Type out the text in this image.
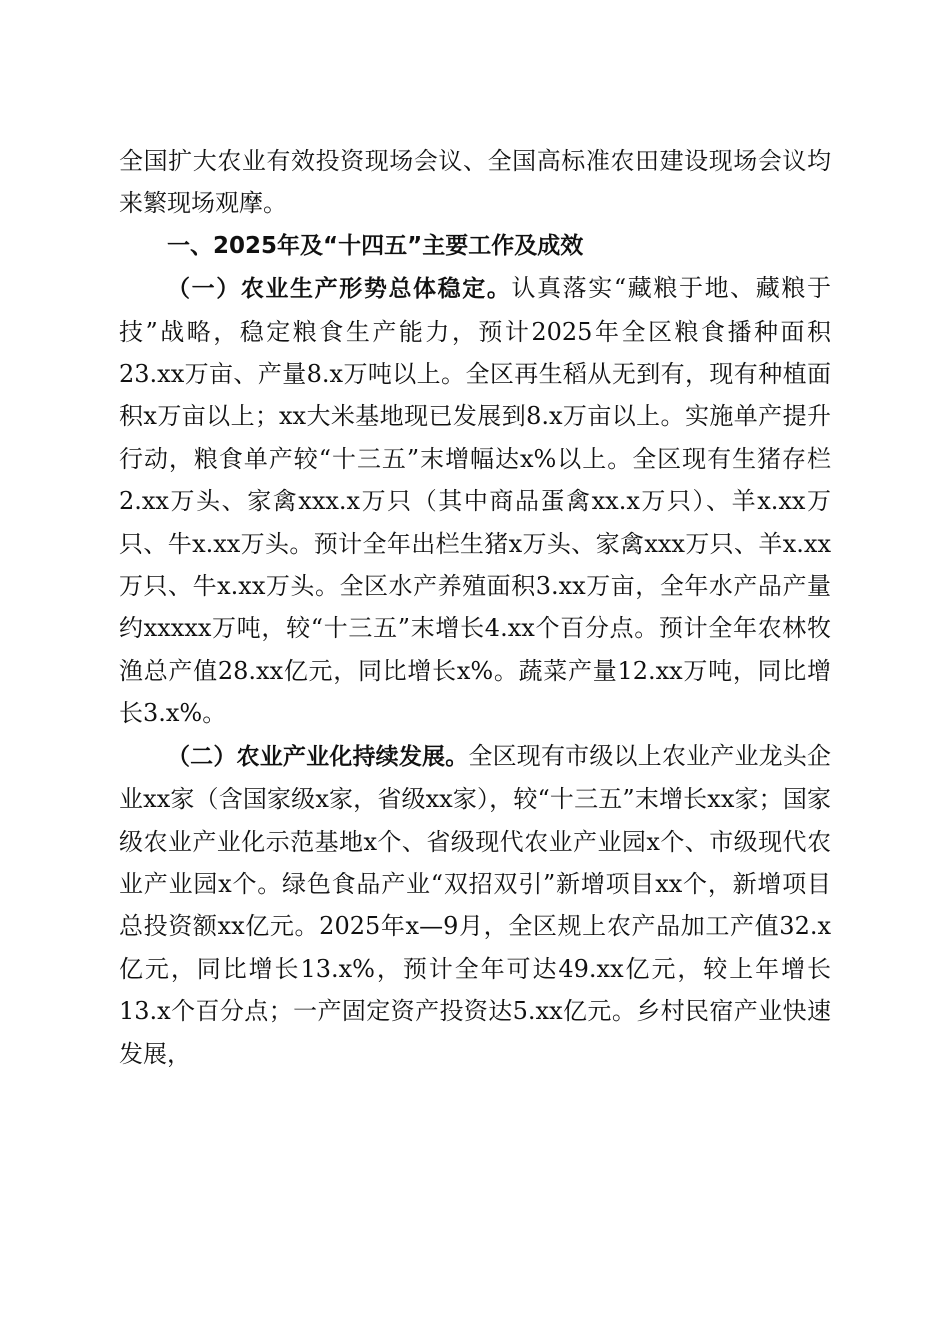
全国扩大农业有效投资现场会议、全国高标准农田建设现场会议均来繁现场观摩。

一、2025年及“十四五”主要工作及成效

（一）农业生产形势总体稳定。认真落实“藏粮于地、藏粮于技”战略，稳定粮食生产能力，预计2025年全区粮食播种面积23.xx万亩、产量8.x万吨以上。全区再生稻从无到有，现有种植面积x万亩以上；xx大米基地现已发展到8.x万亩以上。实施单产提升行动，粮食单产较“十三五”末增幅达x%以上。全区现有生猪存栏2.xx万头、家禽xxx.x万只（其中商品蛋禽xx.x万只）、羊x.xx万只、牛x.xx万头。预计全年出栏生猪x万头、家禽xxx万只、羊x.xx万只、牛x.xx万头。全区水产养殖面积3.xx万亩，全年水产品产量约xxxxx万吨，较“十三五”末增长4.xx个百分点。预计全年农林牧渔总产值28.xx亿元，同比增长x%。蔬菜产量12.xx万吨，同比增长3.x%。

（二）农业产业化持续发展。全区现有市级以上农业产业龙头企业xx家（含国家级x家，省级xx家），较“十三五”末增长xx家；国家级农业产业化示范基地x个、省级现代农业产业园x个、市级现代农业产业园x个。绿色食品产业“双招双引”新增项目xx个，新增项目总投资额xx亿元。2025年x—9月，全区规上农产品加工产值32.x亿元，同比增长13.x%，预计全年可达49.xx亿元，较上年增长13.x个百分点；一产固定资产投资达5.xx亿元。乡村民宿产业快速发展，
